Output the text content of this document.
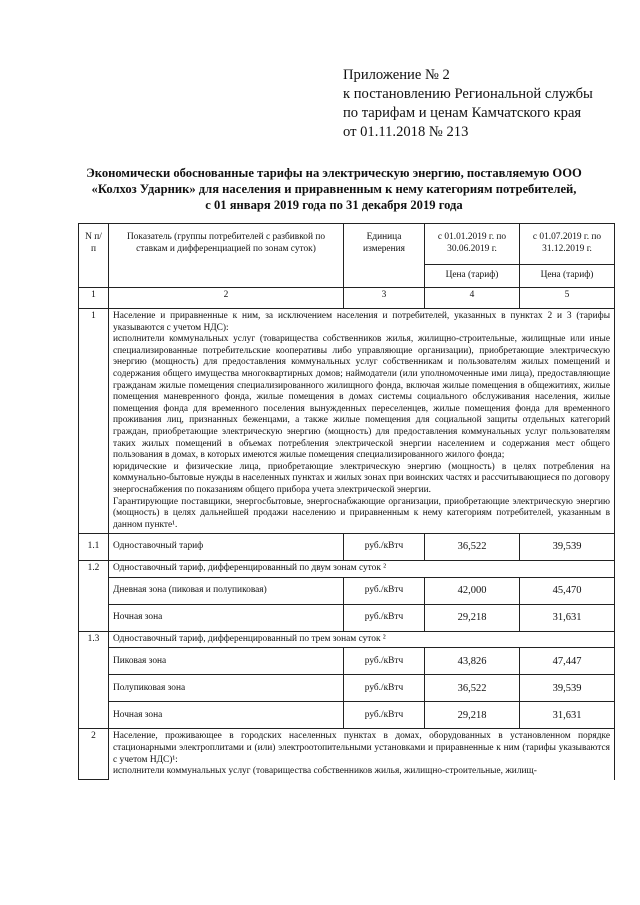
Приложение № 2
к постановлению Региональной службы
по тарифам и ценам Камчатского края
от 01.11.2018 № 213
Экономически обоснованные тарифы на электрическую энергию, поставляемую ООО
«Колхоз Ударник» для населения и приравненным к нему категориям потребителей,
с 01 января 2019 года по 31 декабря 2019 года
N п/п	Показатель (группы потребителей с разбивкой по ставкам и дифференциацией по зонам суток)	Единица измерения	с 01.01.2019 г. по 30.06.2019 г.	с 01.07.2019 г. по 31.12.2019 г.
			Цена (тариф)	Цена (тариф)
1	2	3	4	5
1	Население и приравненные к ним, за исключением населения и потребителей, указанных в пунктах 2 и 3 (тарифы указываются с учетом НДС):
исполнители коммунальных услуг (товарищества собственников жилья, жилищно-строительные, жилищные или иные специализированные потребительские кооперативы либо управляющие организации), приобретающие электрическую энергию (мощность) для предоставления коммунальных услуг собственникам и пользователям жилых помещений и содержания общего имущества многоквартирных домов; наймодатели (или уполномоченные ими лица), предоставляющие гражданам жилые помещения специализированного жилищного фонда, включая жилые помещения в общежитиях, жилые помещения маневренного фонда, жилые помещения в домах системы социального обслуживания населения, жилые помещения фонда для временного поселения вынужденных переселенцев, жилые помещения фонда для временного проживания лиц, признанных беженцами, а также жилые помещения для социальной защиты отдельных категорий граждан, приобретающие электрическую энергию (мощность) для предоставления коммунальных услуг пользователям таких жилых помещений в объемах потребления электрической энергии населением и содержания мест общего пользования в домах, в которых имеются жилые помещения специализированного жилого фонда;
юридические и физические лица, приобретающие электрическую энергию (мощность) в целях потребления на коммунально-бытовые нужды в населенных пунктах и жилых зонах при воинских частях и рассчитывающиеся по договору энергоснабжения по показаниям общего прибора учета электрической энергии.
Гарантирующие поставщики, энергосбытовые, энергоснабжающие организации, приобретающие электрическую энергию (мощность) в целях дальнейшей продажи населению и приравненным к нему категориям потребителей, указанным в данном пункте¹.			

1.1	Одноставочный тариф	руб./кВтч	36,522	39,539
1.2	Одноставочный тариф, дифференцированный по двум зонам суток ²			
	Дневная зона (пиковая и полупиковая)	руб./кВтч	42,000	45,470
	Ночная зона	руб./кВтч	29,218	31,631
1.3	Одноставочный тариф, дифференцированный по трем зонам суток ²			
	Пиковая зона	руб./кВтч	43,826	47,447
	Полупиковая зона	руб./кВтч	36,522	39,539
	Ночная зона	руб./кВтч	29,218	31,631
2	Население, проживающее в городских населенных пунктах в домах, оборудованных в установленном порядке стационарными электроплитами и (или) электроотопительными установками и приравненные к ним (тарифы указываются с учетом НДС)¹:
исполнители коммунальных услуг (товарищества собственников жилья, жилищно-строительные, жилищ-			
